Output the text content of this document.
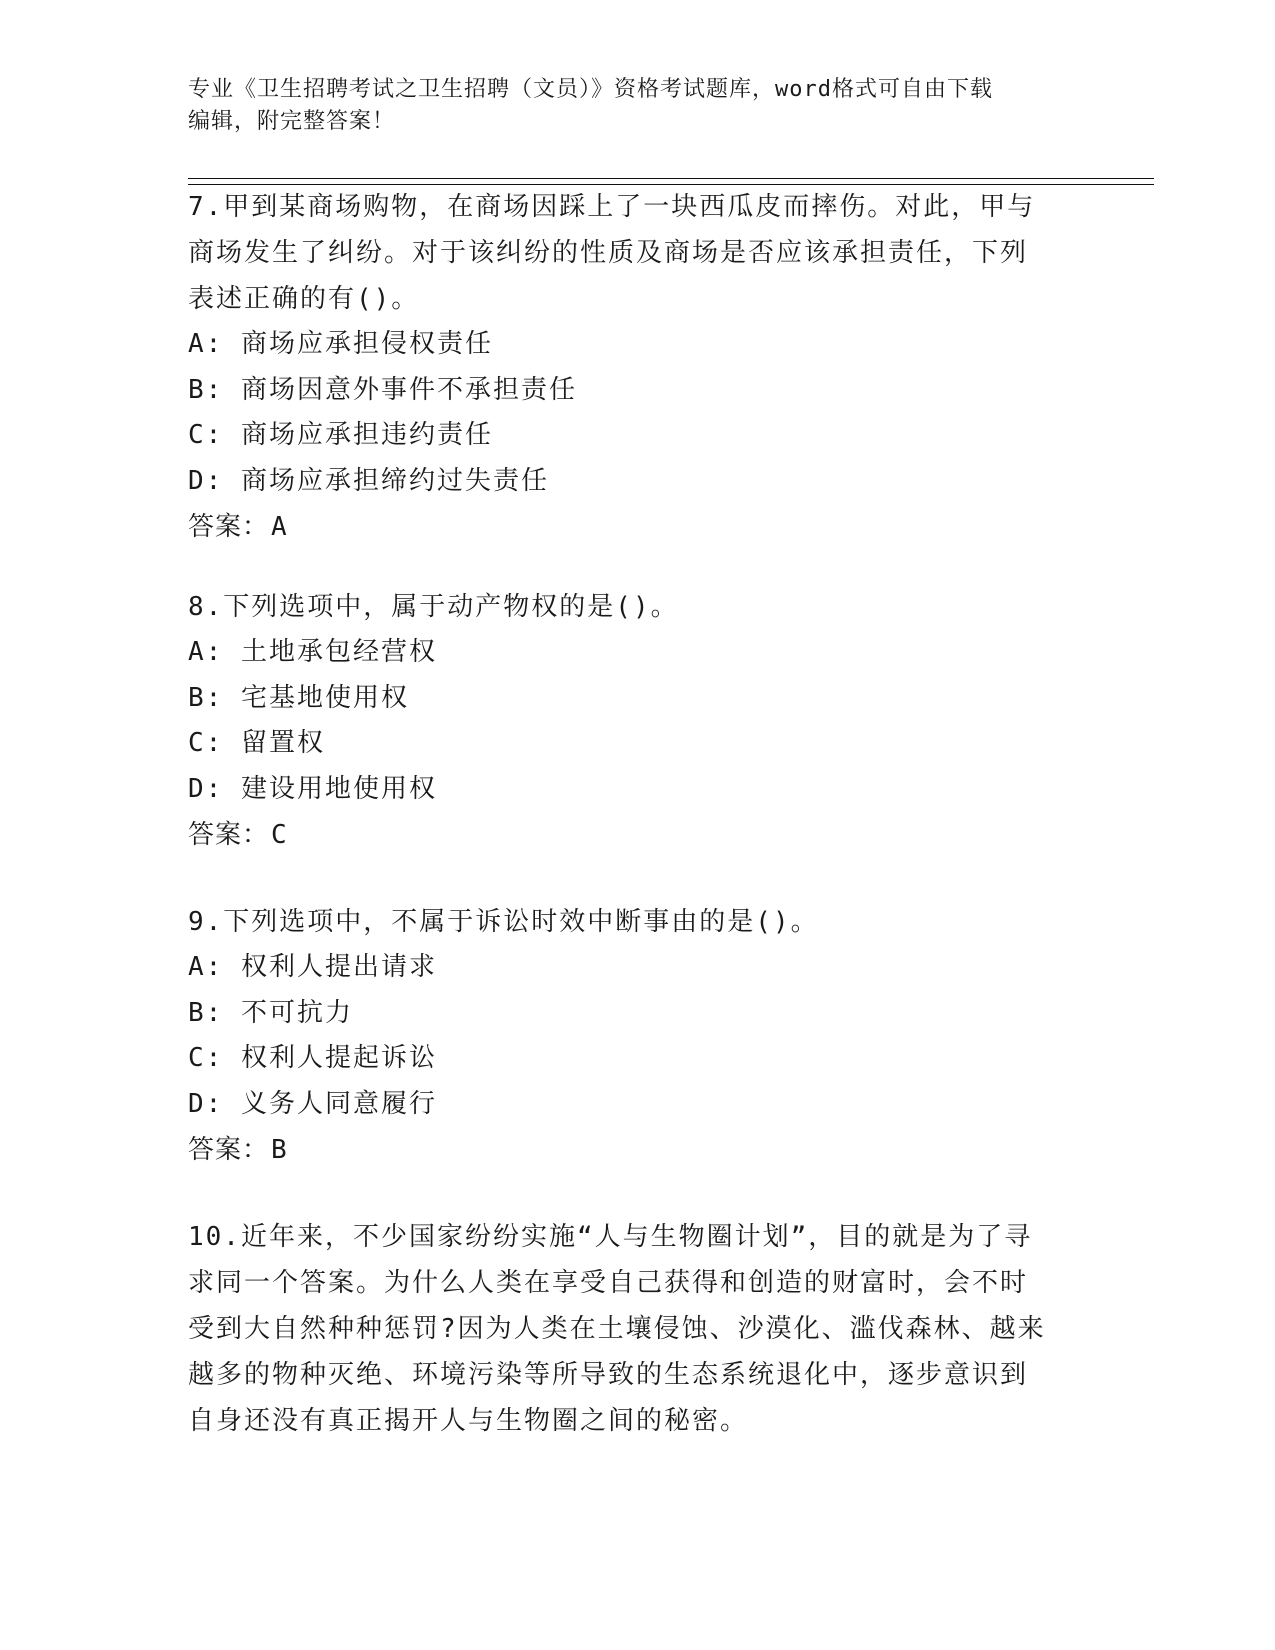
专业《卫生招聘考试之卫生招聘（文员）》资格考试题库，word格式可自由下载
编辑，附完整答案！

7.甲到某商场购物，在商场因踩上了一块西瓜皮而摔伤。对此，甲与

商场发生了纠纷。对于该纠纷的性质及商场是否应该承担责任，下列

表述正确的有()。

A: 商场应承担侵权责任

B: 商场因意外事件不承担责任

C: 商场应承担违约责任

D: 商场应承担缔约过失责任

答案：A

8.下列选项中，属于动产物权的是()。

A: 土地承包经营权

B: 宅基地使用权

C: 留置权

D: 建设用地使用权

答案：C

9.下列选项中，不属于诉讼时效中断事由的是()。

A: 权利人提出请求

B: 不可抗力

C: 权利人提起诉讼

D: 义务人同意履行

答案：B

10.近年来，不少国家纷纷实施“人与生物圈计划”，目的就是为了寻

求同一个答案。为什么人类在享受自己获得和创造的财富时，会不时

受到大自然种种惩罚?因为人类在土壤侵蚀、沙漠化、滥伐森林、越来

越多的物种灭绝、环境污染等所导致的生态系统退化中，逐步意识到

自身还没有真正揭开人与生物圈之间的秘密。
